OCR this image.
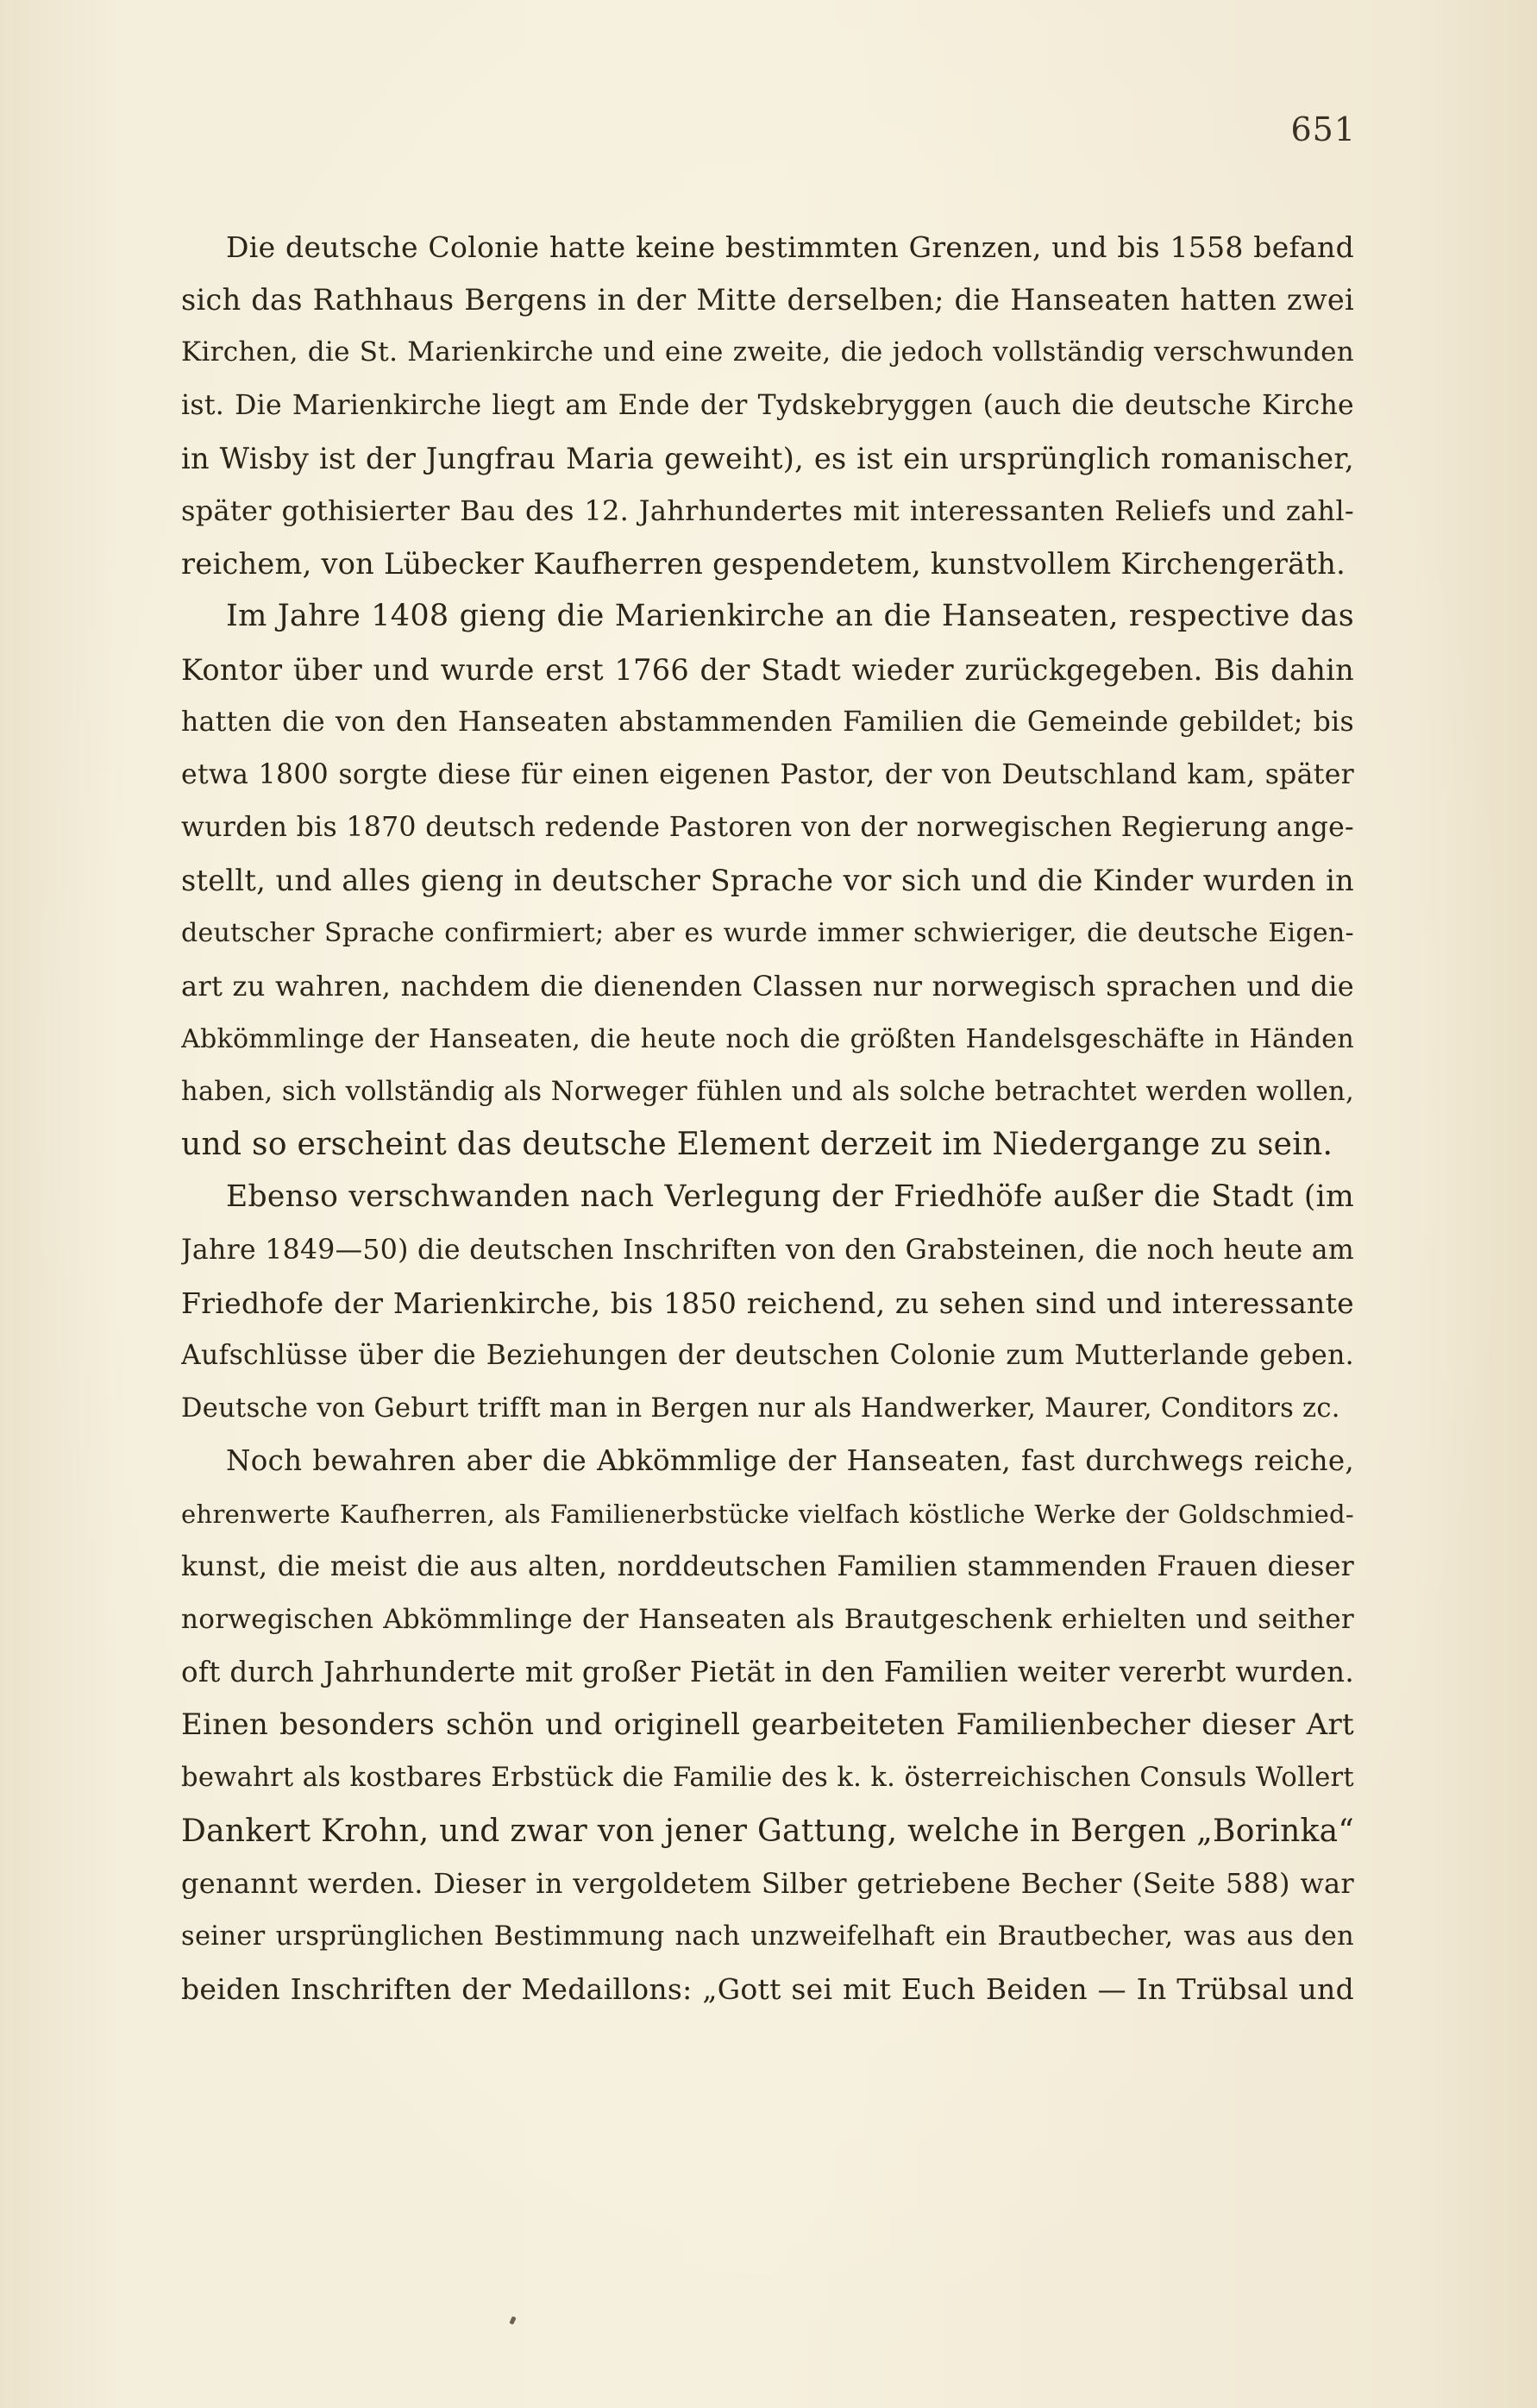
651
Die deutsche Colonie hatte keine bestimmten Grenzen, und bis 1558 befand
sich das Rathhaus Bergens in der Mitte derselben; die Hanseaten hatten zwei
Kirchen, die St. Marienkirche und eine zweite, die jedoch vollständig verschwunden
ist. Die Marienkirche liegt am Ende der Tydskebryggen (auch die deutsche Kirche
in Wisby ist der Jungfrau Maria geweiht), es ist ein ursprünglich romanischer,
später gothisierter Bau des 12. Jahrhundertes mit interessanten Reliefs und zahl-
reichem, von Lübecker Kaufherren gespendetem, kunstvollem Kirchengeräth.
Im Jahre 1408 gieng die Marienkirche an die Hanseaten, respective das
Kontor über und wurde erst 1766 der Stadt wieder zurückgegeben. Bis dahin
hatten die von den Hanseaten abstammenden Familien die Gemeinde gebildet; bis
etwa 1800 sorgte diese für einen eigenen Pastor, der von Deutschland kam, später
wurden bis 1870 deutsch redende Pastoren von der norwegischen Regierung ange-
stellt, und alles gieng in deutscher Sprache vor sich und die Kinder wurden in
deutscher Sprache confirmiert; aber es wurde immer schwieriger, die deutsche Eigen-
art zu wahren, nachdem die dienenden Classen nur norwegisch sprachen und die
Abkömmlinge der Hanseaten, die heute noch die größten Handelsgeschäfte in Händen
haben, sich vollständig als Norweger fühlen und als solche betrachtet werden wollen,
und so erscheint das deutsche Element derzeit im Niedergange zu sein.
Ebenso verschwanden nach Verlegung der Friedhöfe außer die Stadt (im
Jahre 1849—50) die deutschen Inschriften von den Grabsteinen, die noch heute am
Friedhofe der Marienkirche, bis 1850 reichend, zu sehen sind und interessante
Aufschlüsse über die Beziehungen der deutschen Colonie zum Mutterlande geben.
Deutsche von Geburt trifft man in Bergen nur als Handwerker, Maurer, Conditors zc.
Noch bewahren aber die Abkömmlige der Hanseaten, fast durchwegs reiche,
ehrenwerte Kaufherren, als Familienerbstücke vielfach köstliche Werke der Goldschmied-
kunst, die meist die aus alten, norddeutschen Familien stammenden Frauen dieser
norwegischen Abkömmlinge der Hanseaten als Brautgeschenk erhielten und seither
oft durch Jahrhunderte mit großer Pietät in den Familien weiter vererbt wurden.
Einen besonders schön und originell gearbeiteten Familienbecher dieser Art
bewahrt als kostbares Erbstück die Familie des k. k. österreichischen Consuls Wollert
Dankert Krohn, und zwar von jener Gattung, welche in Bergen „Borinka“
genannt werden. Dieser in vergoldetem Silber getriebene Becher (Seite 588) war
seiner ursprünglichen Bestimmung nach unzweifelhaft ein Brautbecher, was aus den
beiden Inschriften der Medaillons: „Gott sei mit Euch Beiden — In Trübsal und
